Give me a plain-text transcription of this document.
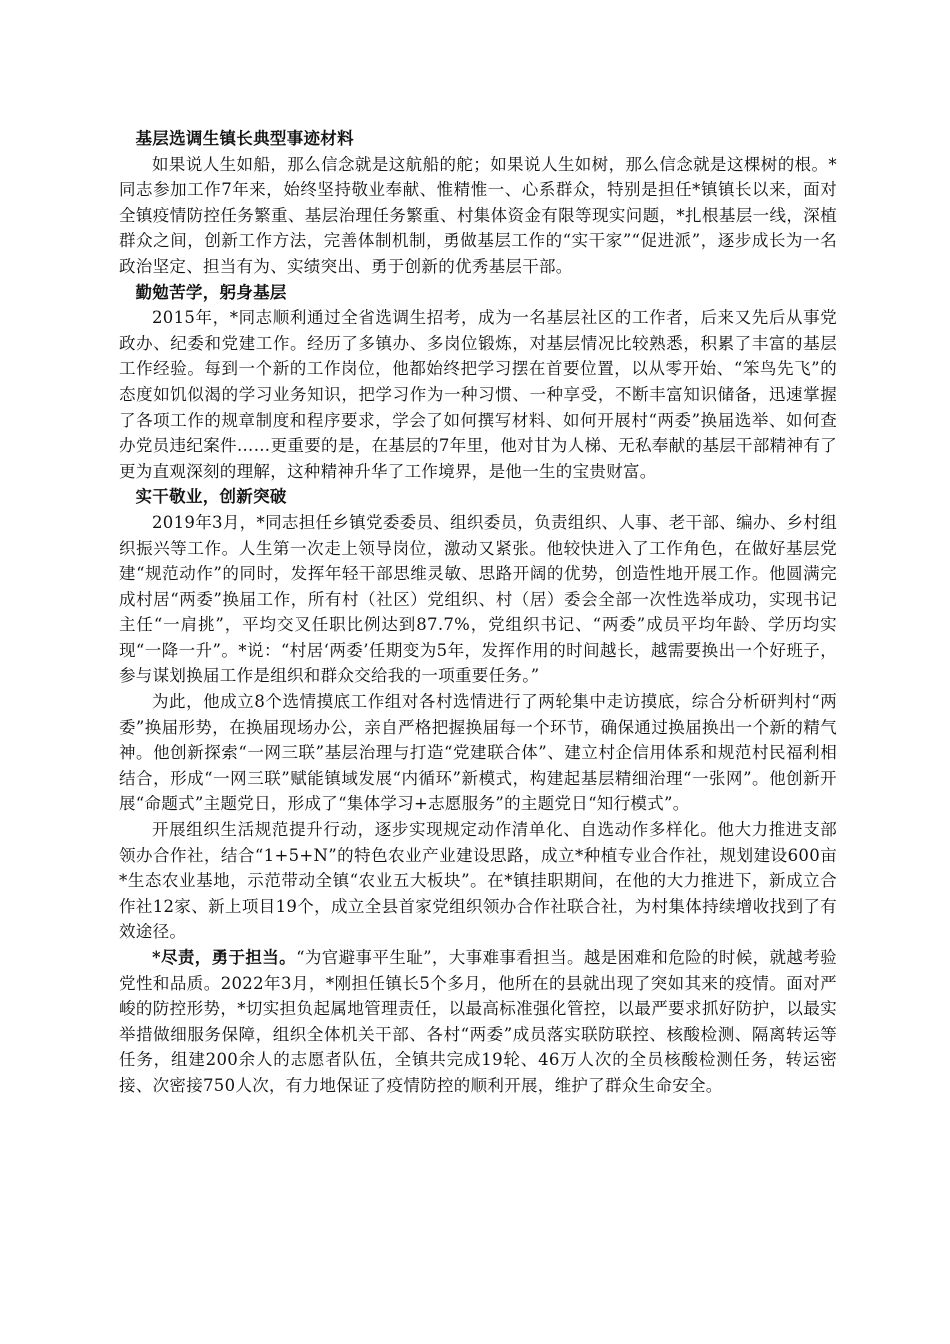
基层选调生镇长典型事迹材料

如果说人生如船，那么信念就是这航船的舵；如果说人生如树，那么信念就是这棵树的根。*同志参加工作7年来，始终坚持敬业奉献、惟精惟一、心系群众，特别是担任*镇镇长以来，面对全镇疫情防控任务繁重、基层治理任务繁重、村集体资金有限等现实问题，*扎根基层一线，深植群众之间，创新工作方法，完善体制机制，勇做基层工作的“实干家”“促进派”，逐步成长为一名政治坚定、担当有为、实绩突出、勇于创新的优秀基层干部。

勤勉苦学，躬身基层

2015年，*同志顺利通过全省选调生招考，成为一名基层社区的工作者，后来又先后从事党政办、纪委和党建工作。经历了多镇办、多岗位锻炼，对基层情况比较熟悉，积累了丰富的基层工作经验。每到一个新的工作岗位，他都始终把学习摆在首要位置，以从零开始、“笨鸟先飞”的态度如饥似渴的学习业务知识，把学习作为一种习惯、一种享受，不断丰富知识储备，迅速掌握了各项工作的规章制度和程序要求，学会了如何撰写材料、如何开展村“两委”换届选举、如何查办党员违纪案件……更重要的是，在基层的7年里，他对甘为人梯、无私奉献的基层干部精神有了更为直观深刻的理解，这种精神升华了工作境界，是他一生的宝贵财富。

实干敬业，创新突破

2019年3月，*同志担任乡镇党委委员、组织委员，负责组织、人事、老干部、编办、乡村组织振兴等工作。人生第一次走上领导岗位，激动又紧张。他较快进入了工作角色，在做好基层党建“规范动作”的同时，发挥年轻干部思维灵敏、思路开阔的优势，创造性地开展工作。他圆满完成村居“两委”换届工作，所有村（社区）党组织、村（居）委会全部一次性选举成功，实现书记主任“一肩挑”，平均交叉任职比例达到87.7%，党组织书记、“两委”成员平均年龄、学历均实现“一降一升”。*说：“村居‘两委’任期变为5年，发挥作用的时间越长，越需要换出一个好班子，参与谋划换届工作是组织和群众交给我的一项重要任务。”

为此，他成立8个选情摸底工作组对各村选情进行了两轮集中走访摸底，综合分析研判村“两委”换届形势，在换届现场办公，亲自严格把握换届每一个环节，确保通过换届换出一个新的精气神。他创新探索“一网三联”基层治理与打造“党建联合体”、建立村企信用体系和规范村民福利相结合，形成“一网三联”赋能镇域发展“内循环”新模式，构建起基层精细治理“一张网”。他创新开展“命题式”主题党日，形成了“集体学习+志愿服务”的主题党日“知行模式”。

开展组织生活规范提升行动，逐步实现规定动作清单化、自选动作多样化。他大力推进支部领办合作社，结合“1+5+N”的特色农业产业建设思路，成立*种植专业合作社，规划建设600亩*生态农业基地，示范带动全镇“农业五大板块”。在*镇挂职期间，在他的大力推进下，新成立合作社12家、新上项目19个，成立全县首家党组织领办合作社联合社，为村集体持续增收找到了有效途径。

*尽责，勇于担当。“为官避事平生耻”，大事难事看担当。越是困难和危险的时候，就越考验党性和品质。2022年3月，*刚担任镇长5个多月，他所在的县就出现了突如其来的疫情。面对严峻的防控形势，*切实担负起属地管理责任，以最高标准强化管控，以最严要求抓好防护，以最实举措做细服务保障，组织全体机关干部、各村“两委”成员落实联防联控、核酸检测、隔离转运等任务，组建200余人的志愿者队伍，全镇共完成19轮、46万人次的全员核酸检测任务，转运密接、次密接750人次，有力地保证了疫情防控的顺利开展，维护了群众生命安全。
